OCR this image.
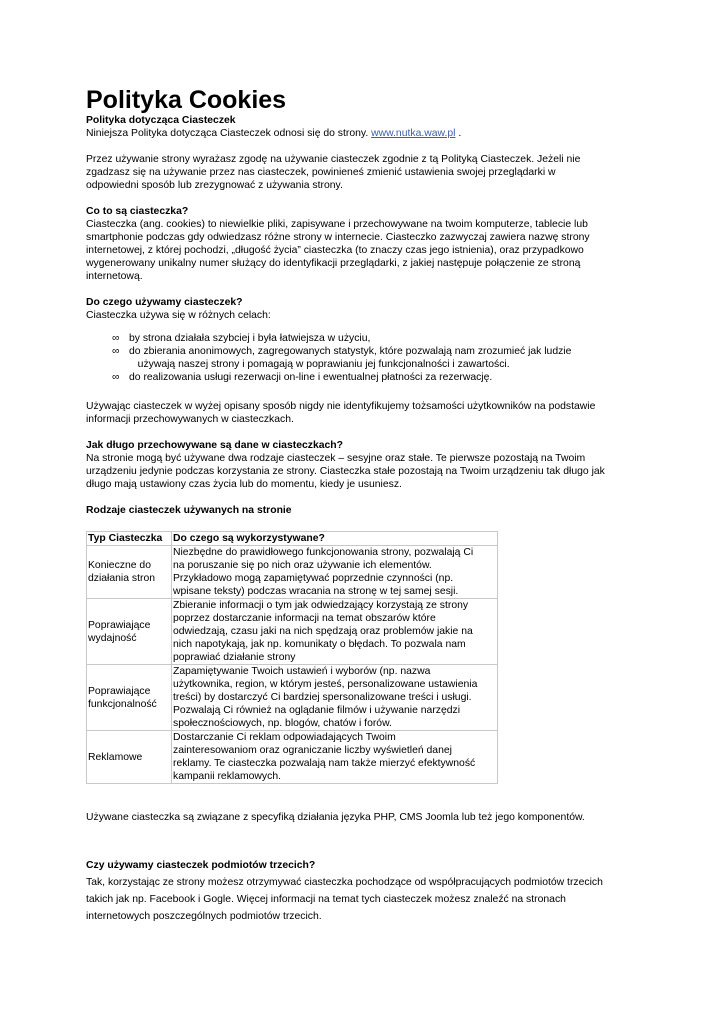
Polityka Cookies

Polityka dotycząca Ciasteczek

Niniejsza Polityka dotycząca Ciasteczek odnosi się do strony. www.nutka.waw.pl .

Przez używanie strony wyrażasz zgodę na używanie ciasteczek zgodnie z tą Polityką Ciasteczek. Jeżeli nie

zgadzasz się na używanie przez nas ciasteczek, powinieneś zmienić ustawienia swojej przeglądarki w

odpowiedni sposób lub zrezygnować z używania strony.

Co to są ciasteczka?

Ciasteczka (ang. cookies) to niewielkie pliki, zapisywane i przechowywane na twoim komputerze, tablecie lub

smartphonie podczas gdy odwiedzasz różne strony w internecie. Ciasteczko zazwyczaj zawiera nazwę strony

internetowej, z której pochodzi, „długość życia” ciasteczka (to znaczy czas jego istnienia), oraz przypadkowo

wygenerowany unikalny numer służący do identyfikacji przeglądarki, z jakiej następuje połączenie ze stroną

internetową.

Do czego używamy ciasteczek?

Ciasteczka używa się w różnych celach:

∞ by strona działała szybciej i była łatwiejsza w użyciu,
∞ do zbierania anonimowych, zagregowanych statystyk, które pozwalają nam zrozumieć jak ludzie
używają naszej strony i pomagają w poprawianiu jej funkcjonalności i zawartości.
∞ do realizowania usługi rezerwacji on-line i ewentualnej płatności za rezerwację.

Używając ciasteczek w wyżej opisany sposób nigdy nie identyfikujemy tożsamości użytkowników na podstawie

informacji przechowywanych w ciasteczkach.

Jak długo przechowywane są dane w ciasteczkach?

Na stronie mogą być używane dwa rodzaje ciasteczek – sesyjne oraz stałe. Te pierwsze pozostają na Twoim

urządzeniu jedynie podczas korzystania ze strony. Ciasteczka stałe pozostają na Twoim urządzeniu tak długo jak

długo mają ustawiony czas życia lub do momentu, kiedy je usuniesz.

Rodzaje ciasteczek używanych na stronie

Typ Ciasteczka	Do czego są wykorzystywane?
Konieczne do
działania stron	Niezbędne do prawidłowego funkcjonowania strony, pozwalają Ci
na poruszanie się po nich oraz używanie ich elementów.
Przykładowo mogą zapamiętywać poprzednie czynności (np.
wpisane teksty) podczas wracania na stronę w tej samej sesji.
Poprawiające
wydajność	Zbieranie informacji o tym jak odwiedzający korzystają ze strony
poprzez dostarczanie informacji na temat obszarów które
odwiedzają, czasu jaki na nich spędzają oraz problemów jakie na
nich napotykają, jak np. komunikaty o błędach. To pozwala nam
poprawiać działanie strony
Poprawiające
funkcjonalność	Zapamiętywanie Twoich ustawień i wyborów (np. nazwa
użytkownika, region, w którym jesteś, personalizowane ustawienia
treści) by dostarczyć Ci bardziej spersonalizowane treści i usługi.
Pozwalają Ci również na oglądanie filmów i używanie narzędzi
społecznościowych, np. blogów, chatów i forów.
Reklamowe	Dostarczanie Ci reklam odpowiadających Twoim
zainteresowaniom oraz ograniczanie liczby wyświetleń danej
reklamy. Te ciasteczka pozwalają nam także mierzyć efektywność
kampanii reklamowych.

Używane ciasteczka są związane z specyfiką działania języka PHP, CMS Joomla lub też jego komponentów.

Czy używamy ciasteczek podmiotów trzecich?

Tak, korzystając ze strony możesz otrzymywać ciasteczka pochodzące od współpracujących podmiotów trzecich

takich jak np. Facebook i Gogle. Więcej informacji na temat tych ciasteczek możesz znaleźć na stronach

internetowych poszczególnych podmiotów trzecich.
